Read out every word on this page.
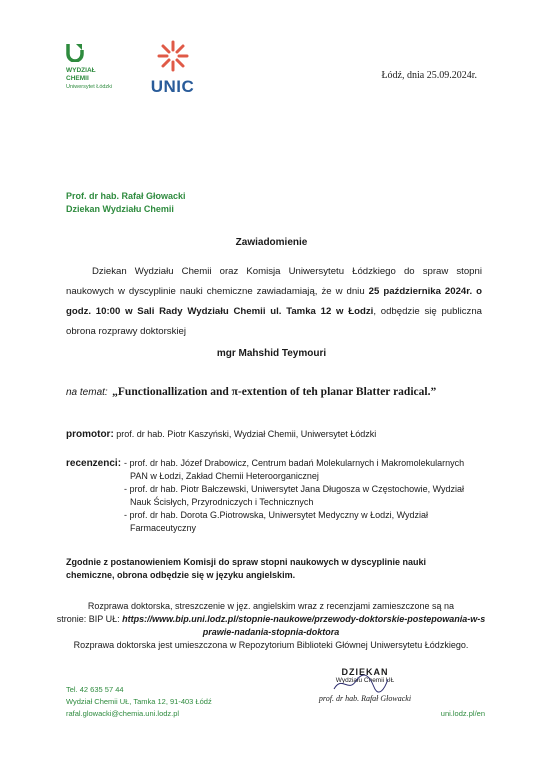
WYDZIAŁ
CHEMII
Uniwersytet Łódzki	UNIC
Łódź, dnia 25.09.2024r.
Prof. dr hab. Rafał Głowacki
Dziekan Wydziału Chemii
Zawiadomienie
Dziekan Wydziału Chemii oraz Komisja Uniwersytetu Łódzkiego do spraw stopni naukowych w dyscyplinie nauki chemiczne zawiadamiają, że w dniu 25 października 2024r. o godz. 10:00 w Sali Rady Wydziału Chemii ul. Tamka 12 w Łodzi, odbędzie się publiczna obrona rozprawy doktorskiej
mgr Mahshid Teymouri
na temat: „Functionallization and π-extention of teh planar Blatter radical.”
promotor: prof. dr hab. Piotr Kaszyński, Wydział Chemii, Uniwersytet Łódzki
recenzenci: - prof. dr hab. Józef Drabowicz, Centrum badań Molekularnych i Makromolekularnych PAN w Łodzi, Zakład Chemii Heteroorganicznej
- prof. dr hab. Piotr Bałczewski, Uniwersytet Jana Długosza w Częstochowie, Wydział Nauk Ścisłych, Przyrodniczych i Technicznych
- prof. dr hab. Dorota G.Piotrowska, Uniwersytet Medyczny w Łodzi, Wydział Farmaceutyczny
Zgodnie z postanowieniem Komisji do spraw stopni naukowych w dyscyplinie nauki chemiczne, obrona odbędzie się w języku angielskim.
Rozprawa doktorska, streszczenie w jęz. angielskim wraz z recenzjami zamieszczone są na
stronie: BIP UŁ: https://www.bip.uni.lodz.pl/stopnie-naukowe/przewody-doktorskie-postepowania-w-sprawie-nadania-stopnia-doktora
Rozprawa doktorska jest umieszczona w Repozytorium Biblioteki Głównej Uniwersytetu Łódzkiego.
DZIEKAN
Wydziału Chemii UŁ
prof. dr hab. Rafał Głowacki
Tel. 42 635 57 44
Wydział Chemii UŁ, Tamka 12, 91-403 Łódź
rafal.glowacki@chemia.uni.lodz.pl	uni.lodz.pl/en
